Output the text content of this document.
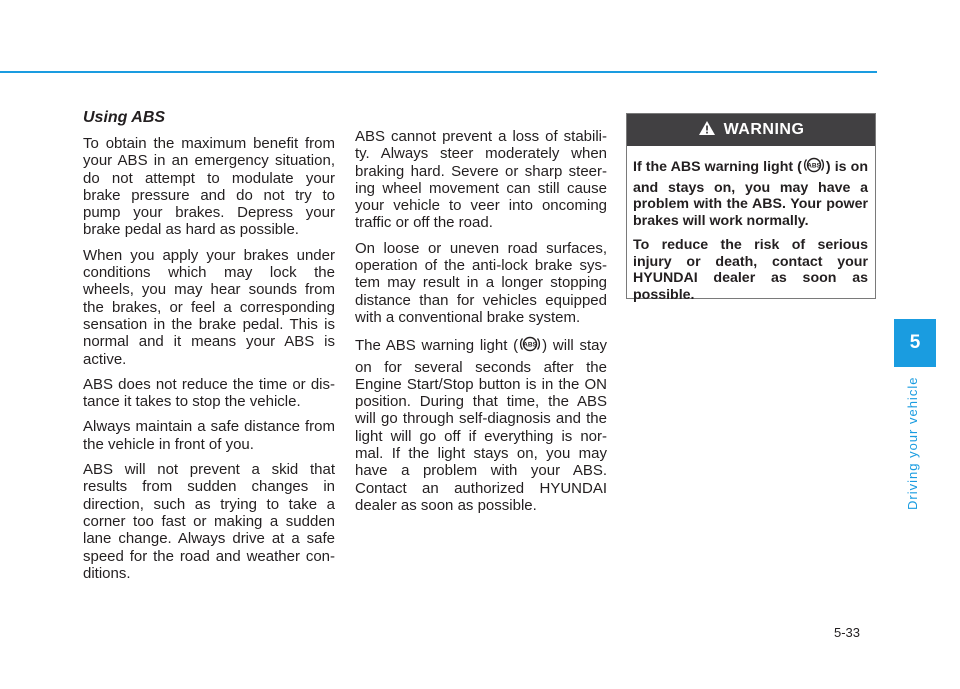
Using ABS

To obtain the maximum benefit from your ABS in an emergency situation, do not attempt to modulate your brake pressure and do not try to pump your brakes. Depress your brake pedal as hard as possible.

When you apply your brakes under conditions which may lock the wheels, you may hear sounds from the brakes, or feel a corresponding sensation in the brake pedal. This is normal and it means your ABS is active.

ABS does not reduce the time or dis-tance it takes to stop the vehicle.

Always maintain a safe distance from the vehicle in front of you.

ABS will not prevent a skid that results from sudden changes in direction, such as trying to take a corner too fast or making a sudden lane change. Always drive at a safe speed for the road and weather con-ditions.

ABS cannot prevent a loss of stabili-ty. Always steer moderately when braking hard. Severe or sharp steer-ing wheel movement can still cause your vehicle to veer into oncoming traffic or off the road.

On loose or uneven road surfaces, operation of the anti-lock brake sys-tem may result in a longer stopping distance than for vehicles equipped with a conventional brake system.

The ABS warning light ( ABS ) will stay on for several seconds after the Engine Start/Stop button is in the ON position. During that time, the ABS will go through self-diagnosis and the light will go off if everything is nor-mal. If the light stays on, you may have a problem with your ABS. Contact an authorized HYUNDAI dealer as soon as possible.

WARNING

If the ABS warning light ( ABS ) is on and stays on, you may have a problem with the ABS. Your power brakes will work normally.

To reduce the risk of serious injury or death, contact your HYUNDAI dealer as soon as possible.

5
Driving your vehicle
5-33
